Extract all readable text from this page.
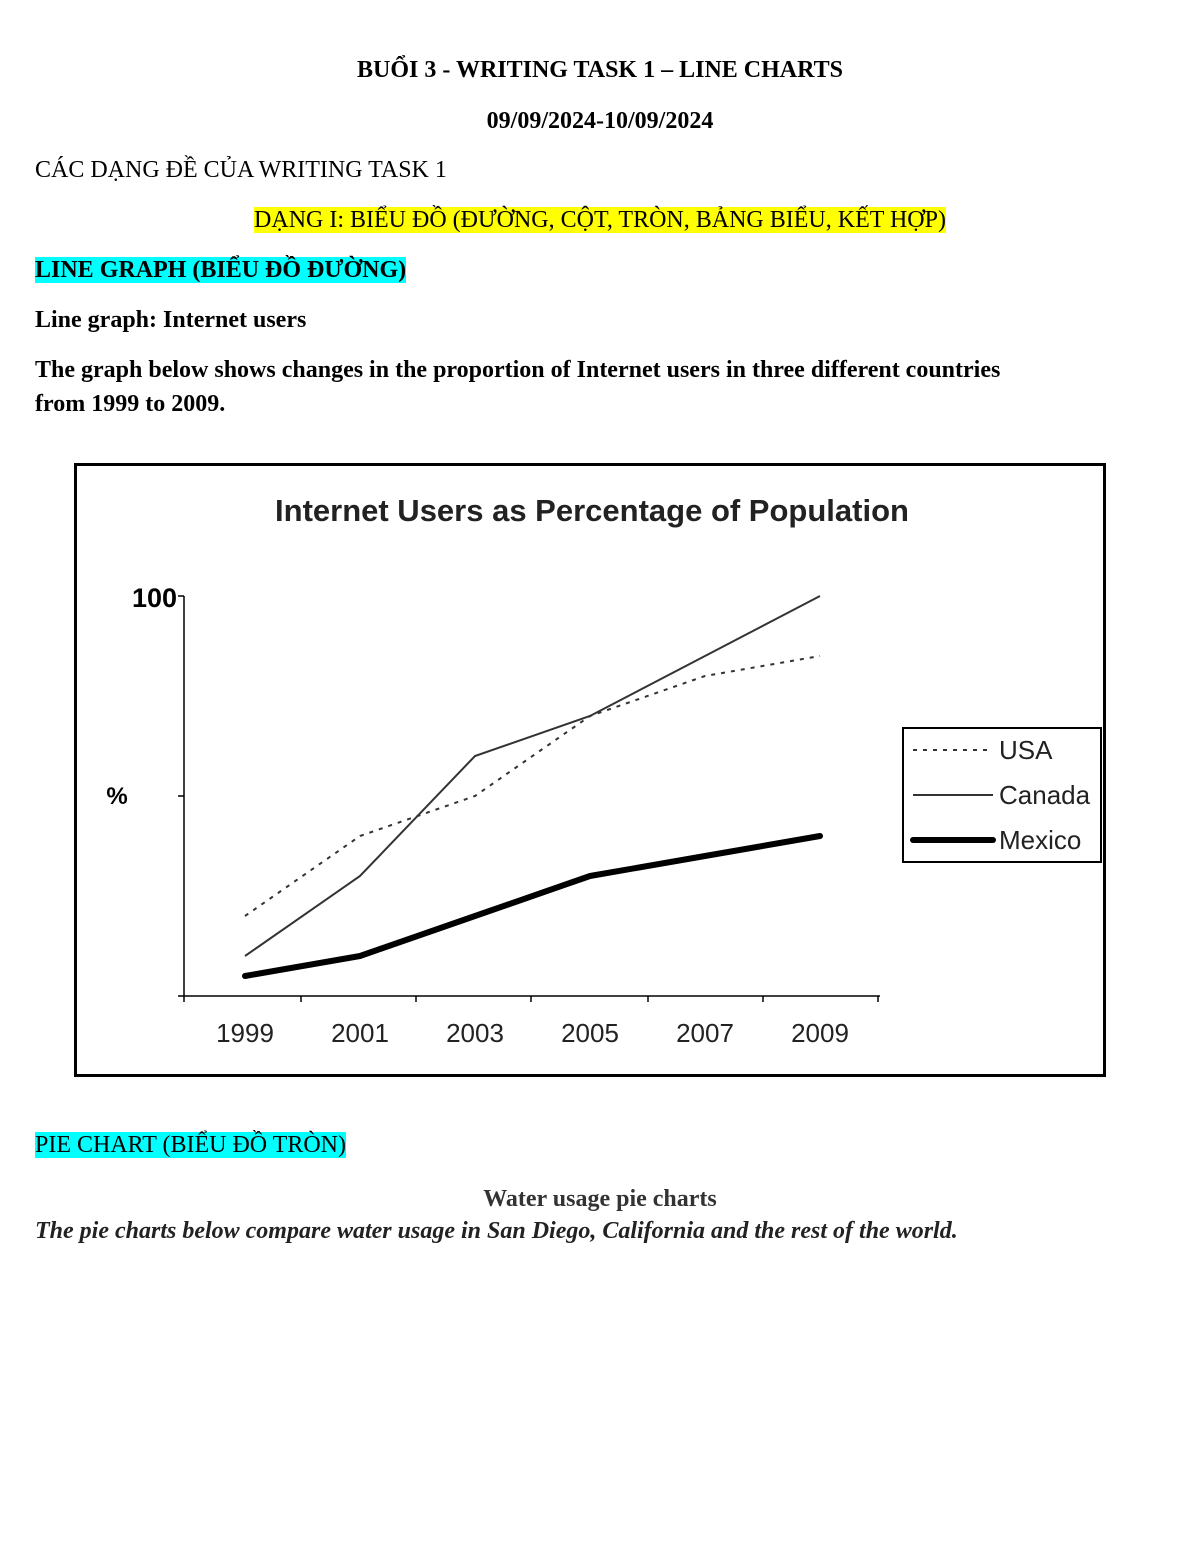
BUỔI 3 - WRITING TASK 1 – LINE CHARTS
09/09/2024-10/09/2024
CÁC DẠNG ĐỀ CỦA WRITING TASK 1
DẠNG I: BIỂU ĐỒ (ĐƯỜNG, CỘT, TRÒN, BẢNG BIỂU, KẾT HỢP)
LINE GRAPH (BIỂU ĐỒ ĐƯỜNG)
Line graph: Internet users
The graph below shows changes in the proportion of Internet users in three different countries
from 1999 to 2009.
Internet Users as Percentage of Population
100
%
1999 2001 2003 2005 2007 2009
USA
Canada
Mexico
PIE CHART (BIỂU ĐỒ TRÒN)
Water usage pie charts
The pie charts below compare water usage in San Diego, California and the rest of the world.
